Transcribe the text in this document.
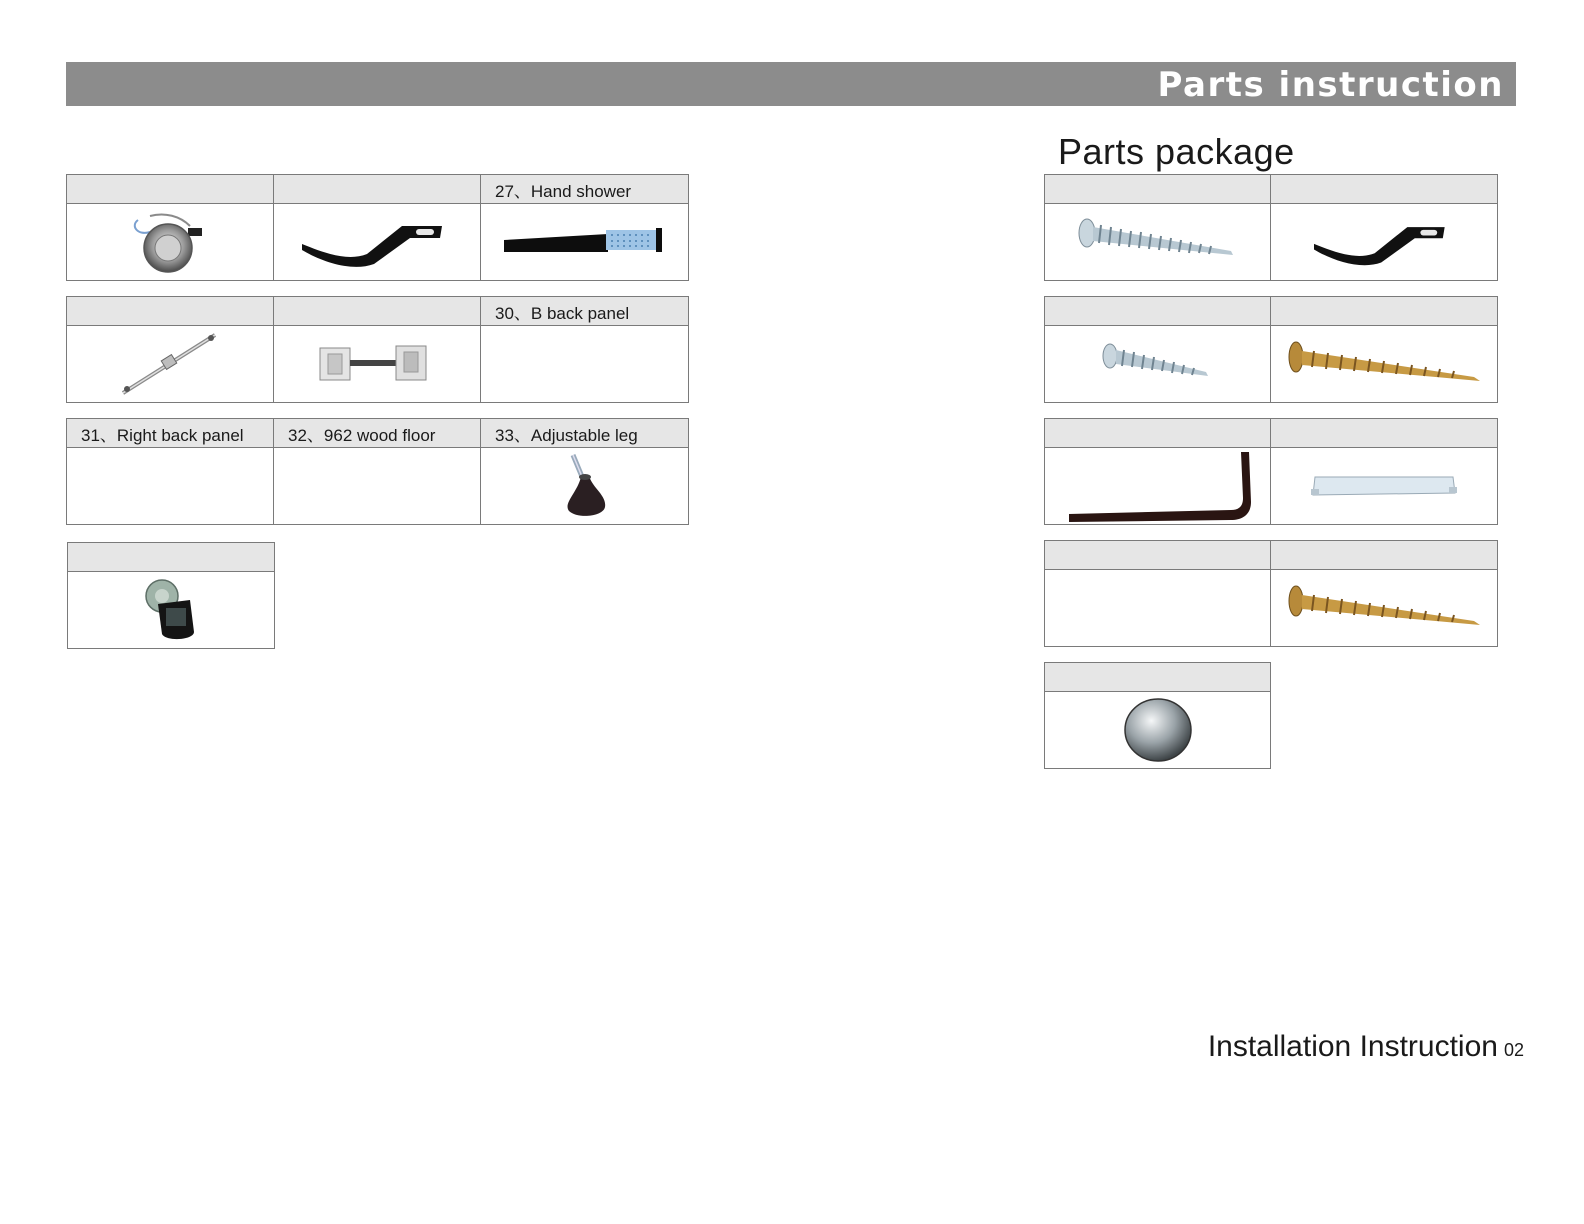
Parts instruction
Parts package
		27、Hand shower

		30、B back panel

31、Right back panel	32、962 wood floor	33、Adjustable leg

Installation Instruction 02
